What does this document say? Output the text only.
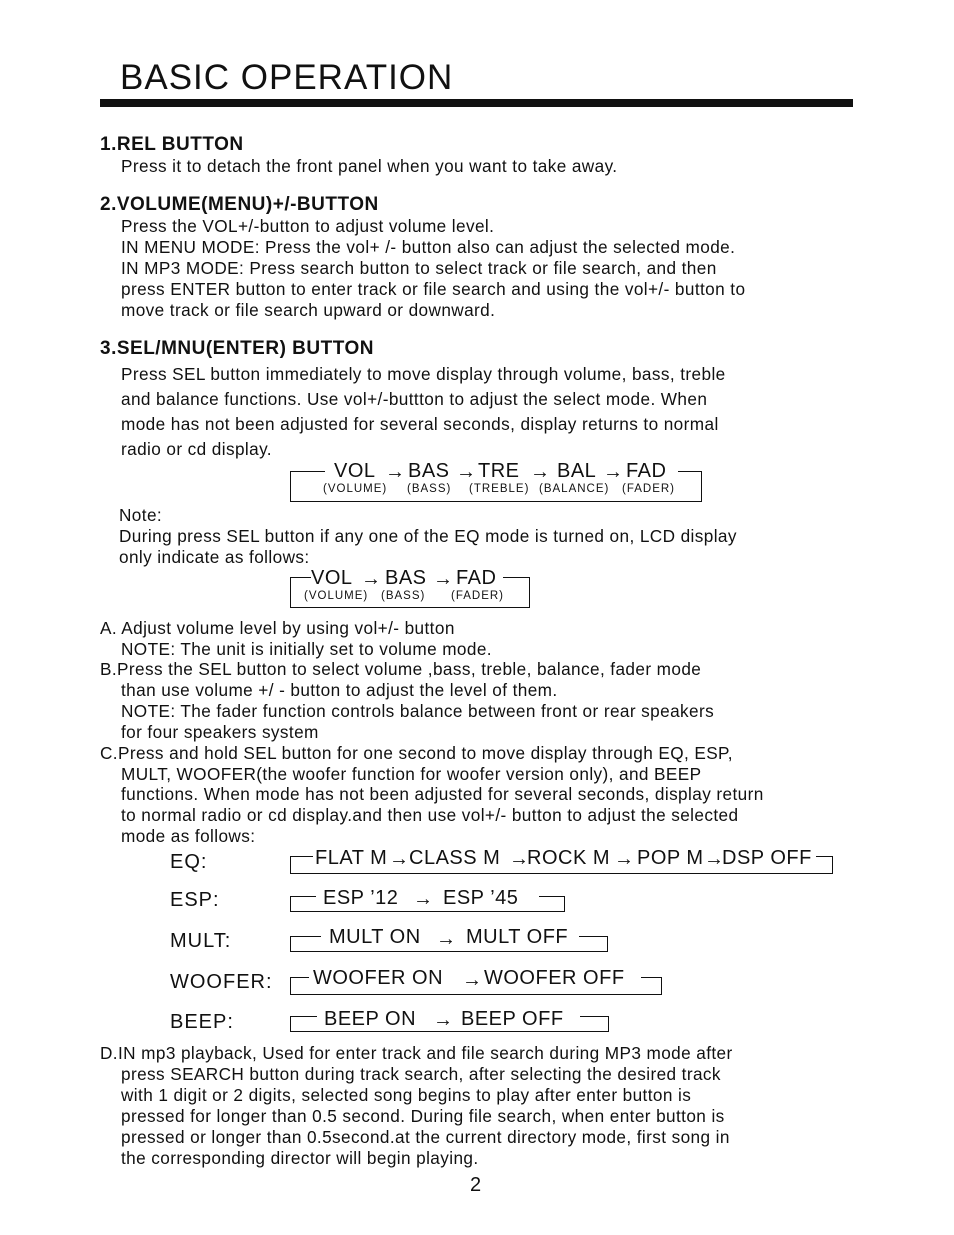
BASIC OPERATION
1.REL BUTTON
Press it to detach the front panel when you want to take away.
2.VOLUME(MENU)+/-BUTTON
Press the VOL+/-button to adjust volume level.
IN MENU MODE: Press the vol+ /- button also can adjust the selected mode.
IN MP3 MODE: Press search button to select track or file search, and then
press ENTER button to enter track or file search and using the vol+/- button to
move track or file search upward or downward.
3.SEL/MNU(ENTER) BUTTON
Press SEL button immediately to move display through volume, bass, treble
and balance functions. Use vol+/-buttton to adjust the select mode. When
mode has not been adjusted for several seconds, display returns to normal
radio or cd display.
VOL → BAS → TRE → BAL → FAD
(VOLUME) (BASS) (TREBLE) (BALANCE) (FADER)
Note:
During press SEL button if any one of the EQ mode is turned on, LCD display
only indicate as follows:
VOL → BAS → FAD
(VOLUME) (BASS) (FADER)
A. Adjust volume level by using vol+/- button
NOTE: The unit is initially set to volume mode.
B.Press the SEL button to select volume ,bass, treble, balance, fader mode
than use volume +/ - button to adjust the level of them.
NOTE: The fader function controls balance between front or rear speakers
for four speakers system
C.Press and hold SEL button for one second to move display through EQ, ESP,
MULT, WOOFER(the woofer function for woofer version only), and BEEP
functions. When mode has not been adjusted for several seconds, display return
to normal radio or cd display.and then use vol+/- button to adjust the selected
mode as follows:
EQ:
ESP:
MULT:
WOOFER:
BEEP:
FLAT M → CLASS M →
ROCK M → POP M →
DSP OFF
ESP ’12 → ESP ’45
MULT ON → MULT OFF
WOOFER ON → WOOFER OFF
BEEP ON → BEEP OFF
D.IN mp3 playback, Used for enter track and file search during MP3 mode after
press SEARCH button during track search, after selecting the desired track
with 1 digit or 2 digits, selected song begins to play after enter button is
pressed for longer than 0.5 second. During file search, when enter button is
pressed or longer than 0.5second.at the current directory mode, first song in
the corresponding director will begin playing.
2
